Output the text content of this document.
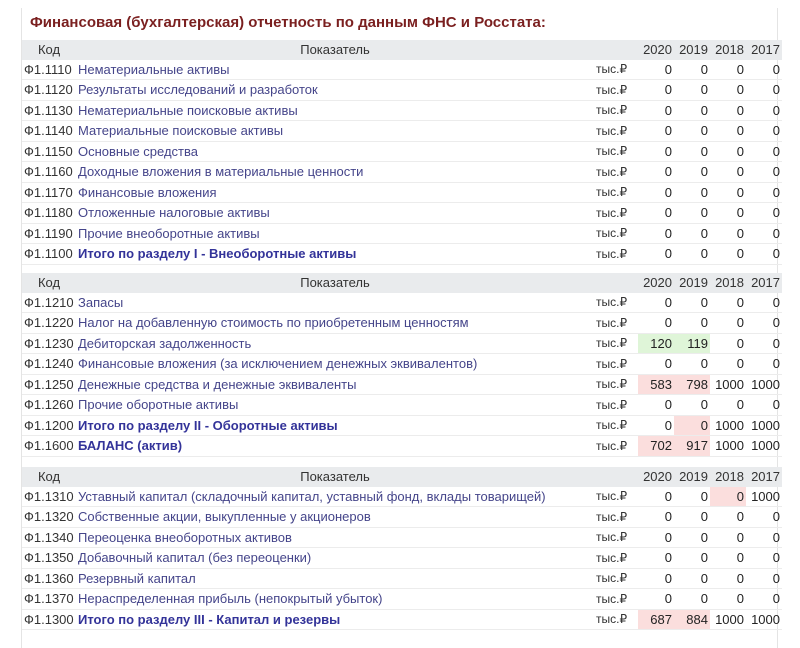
Финансовая (бухгалтерская) отчетность по данным ФНС и Росстата:
Код	Показатель		2020	2019	2018	2017
Ф1.1110	Нематериальные активы	тыс.₽	0	0	0	0
Ф1.1120	Результаты исследований и разработок	тыс.₽	0	0	0	0
Ф1.1130	Нематериальные поисковые активы	тыс.₽	0	0	0	0
Ф1.1140	Материальные поисковые активы	тыс.₽	0	0	0	0
Ф1.1150	Основные средства	тыс.₽	0	0	0	0
Ф1.1160	Доходные вложения в материальные ценности	тыс.₽	0	0	0	0
Ф1.1170	Финансовые вложения	тыс.₽	0	0	0	0
Ф1.1180	Отложенные налоговые активы	тыс.₽	0	0	0	0
Ф1.1190	Прочие внеоборотные активы	тыс.₽	0	0	0	0
Ф1.1100	Итого по разделу I - Внеоборотные активы	тыс.₽	0	0	0	0
Код	Показатель		2020	2019	2018	2017
Ф1.1210	Запасы	тыс.₽	0	0	0	0
Ф1.1220	Налог на добавленную стоимость по приобретенным ценностям	тыс.₽	0	0	0	0
Ф1.1230	Дебиторская задолженность	тыс.₽	120	119	0	0
Ф1.1240	Финансовые вложения (за исключением денежных эквивалентов)	тыс.₽	0	0	0	0
Ф1.1250	Денежные средства и денежные эквиваленты	тыс.₽	583	798	1000	1000
Ф1.1260	Прочие оборотные активы	тыс.₽	0	0	0	0
Ф1.1200	Итого по разделу II - Оборотные активы	тыс.₽	0	0	1000	1000
Ф1.1600	БАЛАНС (актив)	тыс.₽	702	917	1000	1000
Код	Показатель		2020	2019	2018	2017
Ф1.1310	Уставный капитал (складочный капитал, уставный фонд, вклады товарищей)	тыс.₽	0	0	0	1000
Ф1.1320	Собственные акции, выкупленные у акционеров	тыс.₽	0	0	0	0
Ф1.1340	Переоценка внеоборотных активов	тыс.₽	0	0	0	0
Ф1.1350	Добавочный капитал (без переоценки)	тыс.₽	0	0	0	0
Ф1.1360	Резервный капитал	тыс.₽	0	0	0	0
Ф1.1370	Нераспределенная прибыль (непокрытый убыток)	тыс.₽	0	0	0	0
Ф1.1300	Итого по разделу III - Капитал и резервы	тыс.₽	687	884	1000	1000
